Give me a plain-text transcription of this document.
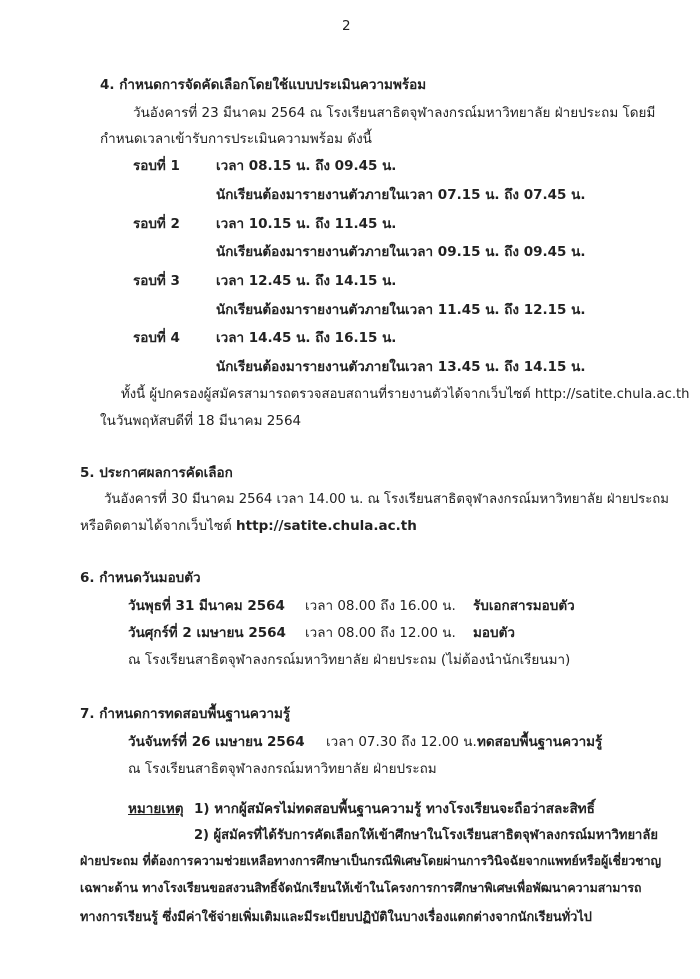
2
4. กำหนดการจัดคัดเลือกโดยใช้แบบประเมินความพร้อม
วันอังคารที่ 23 มีนาคม 2564 ณ โรงเรียนสาธิตจุฬาลงกรณ์มหาวิทยาลัย ฝ่ายประถม โดยมี
กำหนดเวลาเข้ารับการประเมินความพร้อม ดังนี้
รอบที่ 1	เวลา 08.15 น. ถึง 09.45 น.
นักเรียนต้องมารายงานตัวภายในเวลา 07.15 น. ถึง 07.45 น.
รอบที่ 2	เวลา 10.15 น. ถึง 11.45 น.
นักเรียนต้องมารายงานตัวภายในเวลา 09.15 น. ถึง 09.45 น.
รอบที่ 3	เวลา 12.45 น. ถึง 14.15 น.
นักเรียนต้องมารายงานตัวภายในเวลา 11.45 น. ถึง 12.15 น.
รอบที่ 4	เวลา 14.45 น. ถึง 16.15 น.
นักเรียนต้องมารายงานตัวภายในเวลา 13.45 น. ถึง 14.15 น.
ทั้งนี้ ผู้ปกครองผู้สมัครสามารถตรวจสอบสถานที่รายงานตัวได้จากเว็บไซต์ http://satite.chula.ac.th
ในวันพฤหัสบดีที่ 18 มีนาคม 2564
5. ประกาศผลการคัดเลือก
วันอังคารที่ 30 มีนาคม 2564 เวลา 14.00 น. ณ โรงเรียนสาธิตจุฬาลงกรณ์มหาวิทยาลัย ฝ่ายประถม
หรือติดตามได้จากเว็บไซต์ http://satite.chula.ac.th
6. กำหนดวันมอบตัว
วันพุธที่ 31 มีนาคม 2564 เวลา 08.00 ถึง 16.00 น. รับเอกสารมอบตัว
วันศุกร์ที่ 2 เมษายน 2564 เวลา 08.00 ถึง 12.00 น. มอบตัว
ณ โรงเรียนสาธิตจุฬาลงกรณ์มหาวิทยาลัย ฝ่ายประถม (ไม่ต้องนำนักเรียนมา)
7. กำหนดการทดสอบพื้นฐานความรู้
วันจันทร์ที่ 26 เมษายน 2564 เวลา 07.30 ถึง 12.00 น. ทดสอบพื้นฐานความรู้
ณ โรงเรียนสาธิตจุฬาลงกรณ์มหาวิทยาลัย ฝ่ายประถม
หมายเหตุ 1) หากผู้สมัครไม่ทดสอบพื้นฐานความรู้ ทางโรงเรียนจะถือว่าสละสิทธิ์
2) ผู้สมัครที่ได้รับการคัดเลือกให้เข้าศึกษาในโรงเรียนสาธิตจุฬาลงกรณ์มหาวิทยาลัย
ฝ่ายประถม ที่ต้องการความช่วยเหลือทางการศึกษาเป็นกรณีพิเศษโดยผ่านการวินิจฉัยจากแพทย์หรือผู้เชี่ยวชาญ
เฉพาะด้าน ทางโรงเรียนขอสงวนสิทธิ์จัดนักเรียนให้เข้าในโครงการการศึกษาพิเศษเพื่อพัฒนาความสามารถ
ทางการเรียนรู้ ซึ่งมีค่าใช้จ่ายเพิ่มเติมและมีระเบียบปฏิบัติในบางเรื่องแตกต่างจากนักเรียนทั่วไป
